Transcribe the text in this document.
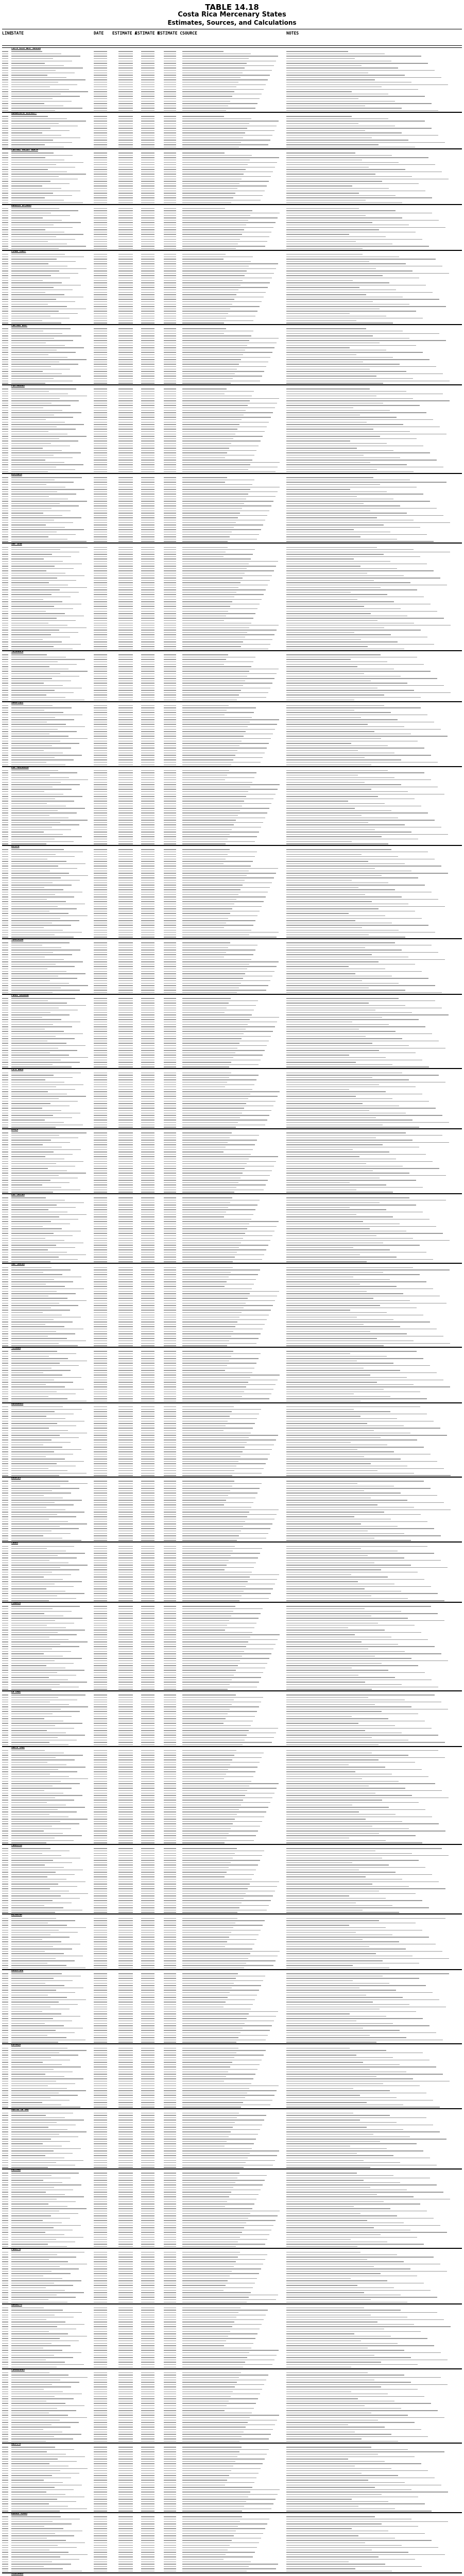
TABLE 14.18
Costa Rica Mercenary States
Estimates, Sources, and Calculations
LINE
STATE	DATE ESTIMATE A
ESTIMATE B
ESTIMATE C SOURCE	NOTES
COSTA RICA WEST REGION
GUANACASTE DISTRICT
CENTRAL VALLEY NORTH
HEREDIA UPLANDS
LIMON COAST
CARTAGO EAST
PUNTARENAS
ALAJUELA
SAN JOSE
TALAMANCA
SARAPIQUI
OSA PENINSULA
NICOYA
TURRIALBA
PEREZ ZELEDON
COTO BRUS
UPALA
LOS CHILES
SAN CARLOS
TILARAN
ABANGARES
BAGACES
CANAS
LIBERIA
LA CRUZ
SANTA CRUZ
CARRILLO
HOJANCHA
NANDAYURE
ESPARZA
MONTES DE ORO
AGUIRRE
PARRITA
GARABITO
CORREDORES
GOLFITO
BUENOS AIRES
SIQUIRRES
